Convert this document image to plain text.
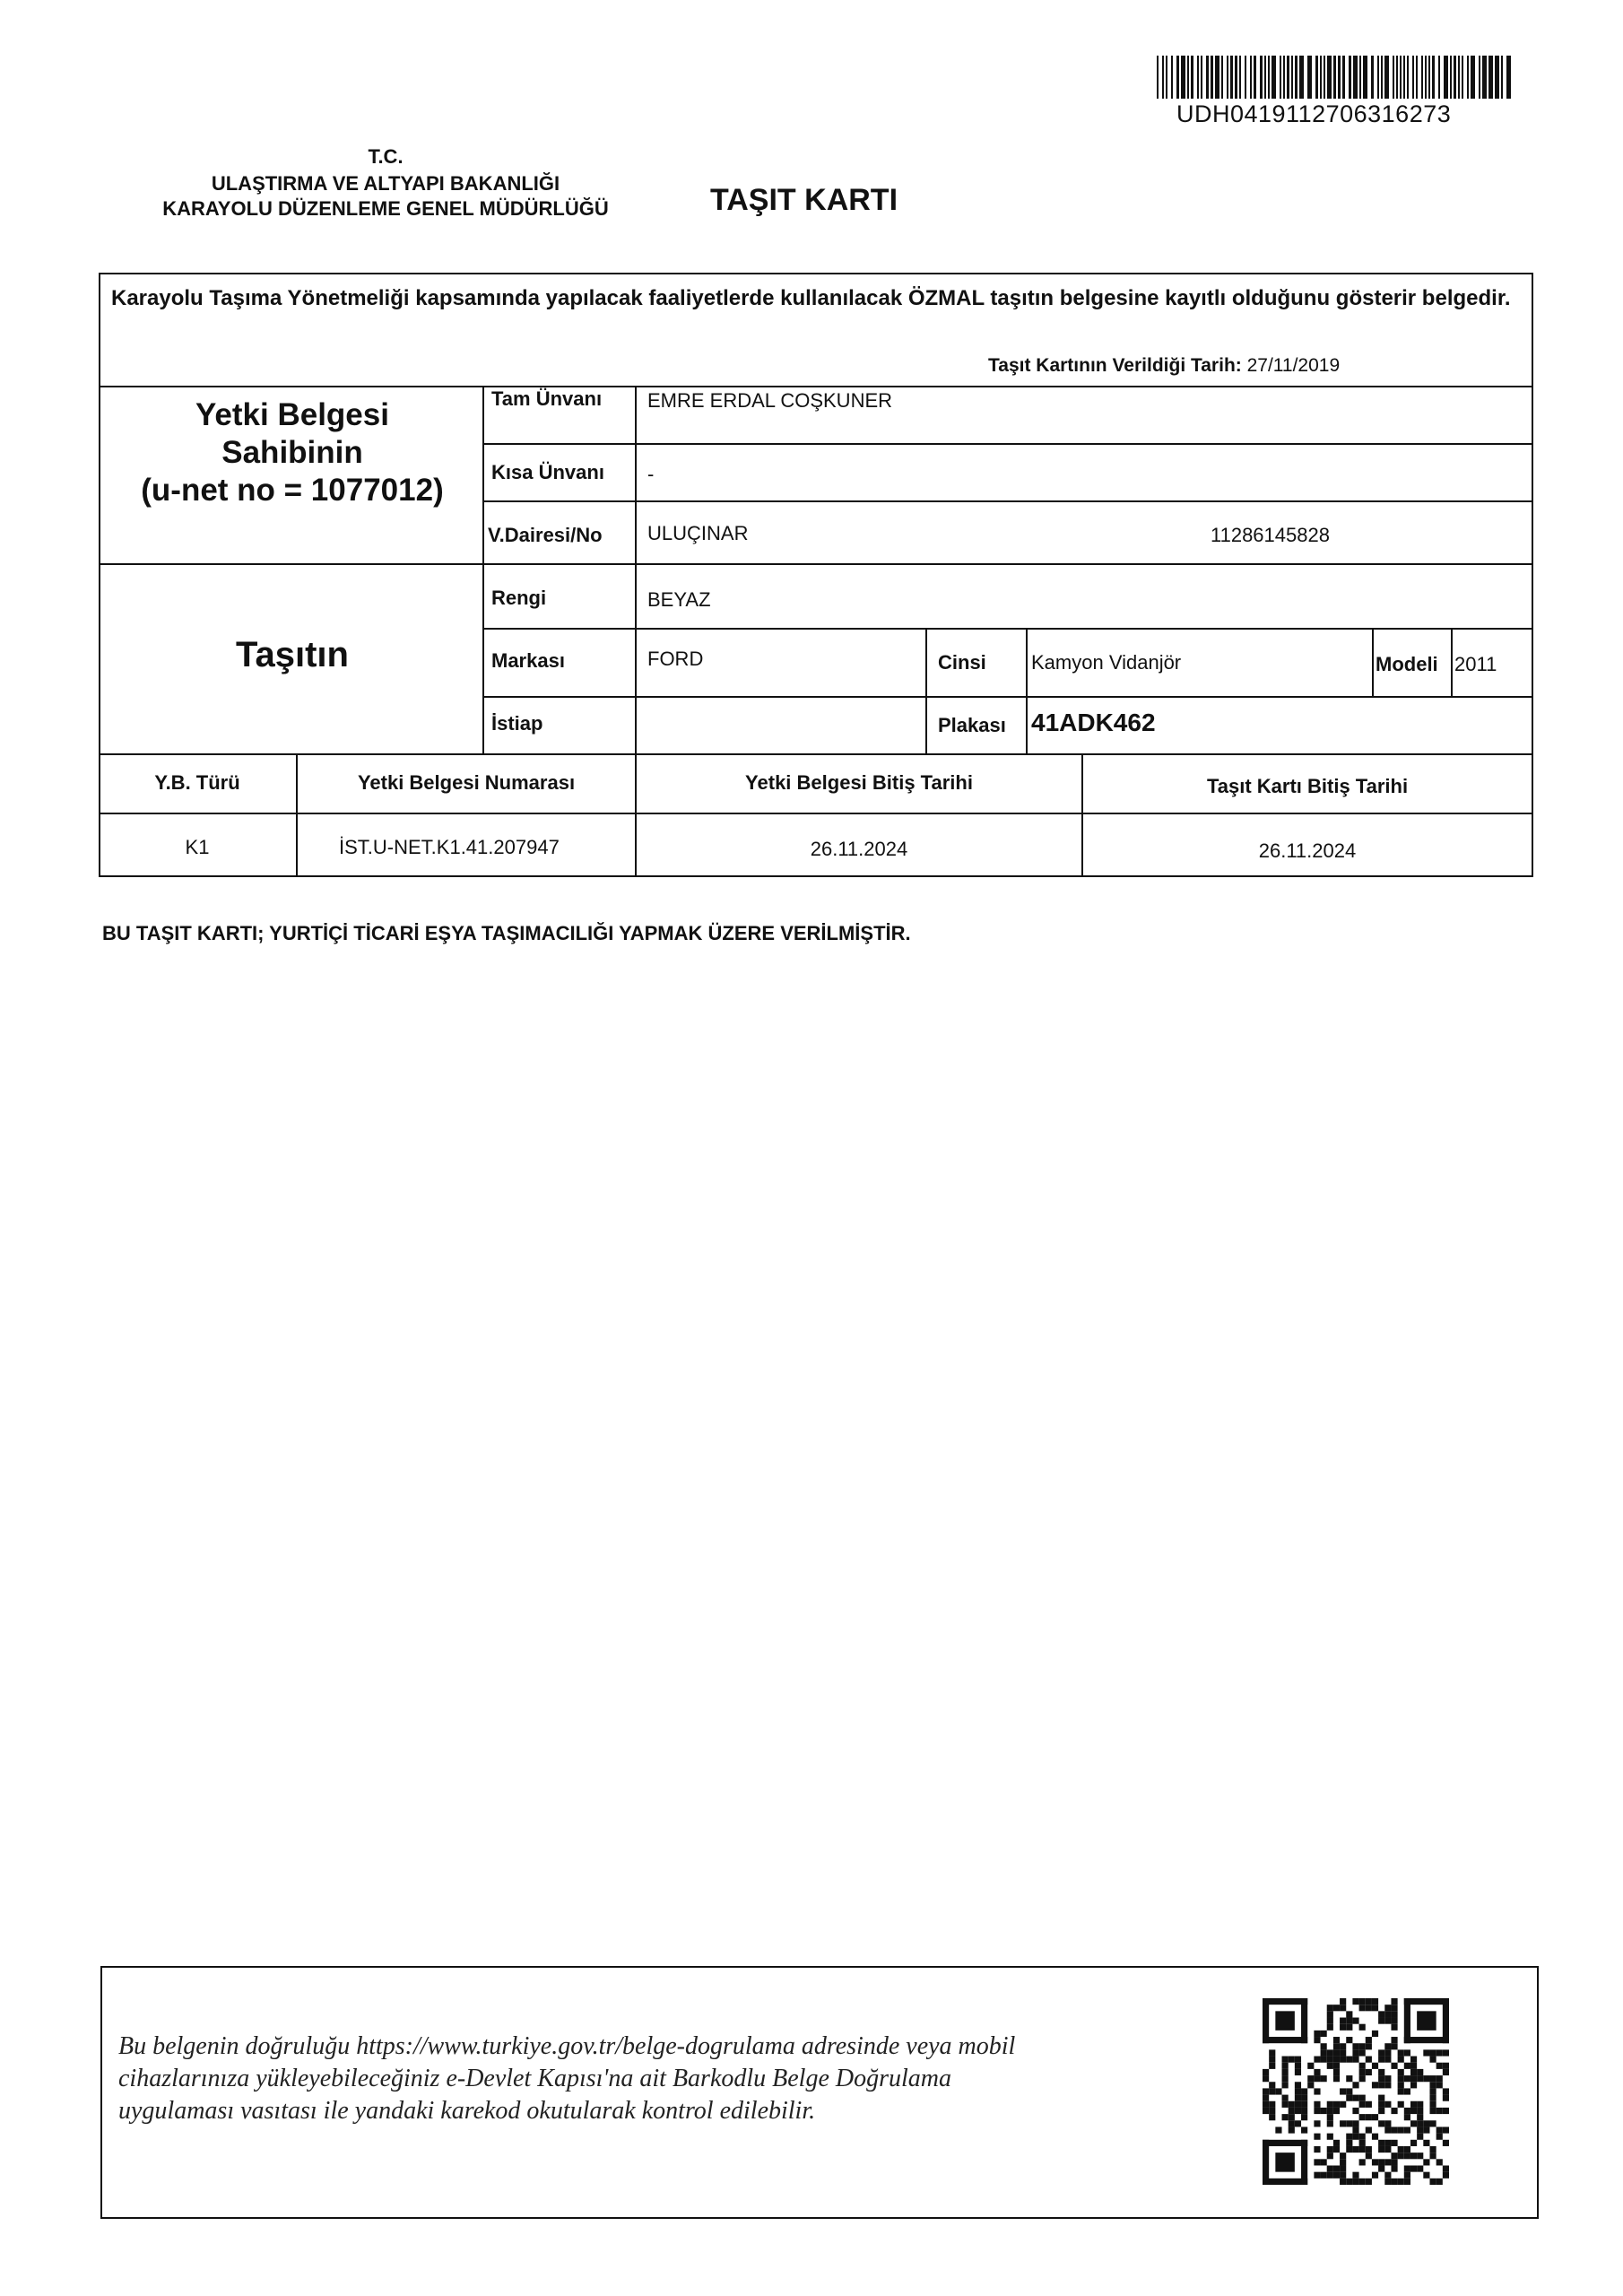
UDH0419112706316273
T.C.
ULAŞTIRMA VE ALTYAPI BAKANLIĞI
KARAYOLU DÜZENLEME GENEL MÜDÜRLÜĞÜ	TAŞIT KARTI
Karayolu Taşıma Yönetmeliği kapsamında yapılacak faaliyetlerde kullanılacak ÖZMAL taşıtın belgesine kayıtlı olduğunu gösterir belgedir.
Taşıt Kartının Verildiği Tarih: 27/11/2019
Yetki Belgesi
Sahibinin
(u-net no = 1077012)
Tam Ünvanı EMRE ERDAL COŞKUNER
Kısa Ünvanı -
V.Dairesi/No ULUÇINAR	11286145828
Taşıtın
Rengi	BEYAZ
Markası	FORD	Cinsi Kamyon Vidanjör	Modeli 2011
İstiap	Plakası 41ADK462
Y.B. Türü	Yetki Belgesi Numarası	Yetki Belgesi Bitiş Tarihi	Taşıt Kartı Bitiş Tarihi
K1	İST.U-NET.K1.41.207947	26.11.2024	26.11.2024
BU TAŞIT KARTI; YURTİÇİ TİCARİ EŞYA TAŞIMACILIĞI YAPMAK ÜZERE VERİLMİŞTİR.
Bu belgenin doğruluğu https://www.turkiye.gov.tr/belge-dogrulama adresinde veya mobil
cihazlarınıza yükleyebileceğiniz e-Devlet Kapısı'na ait Barkodlu Belge Doğrulama
uygulaması vasıtası ile yandaki karekod okutularak kontrol edilebilir.
